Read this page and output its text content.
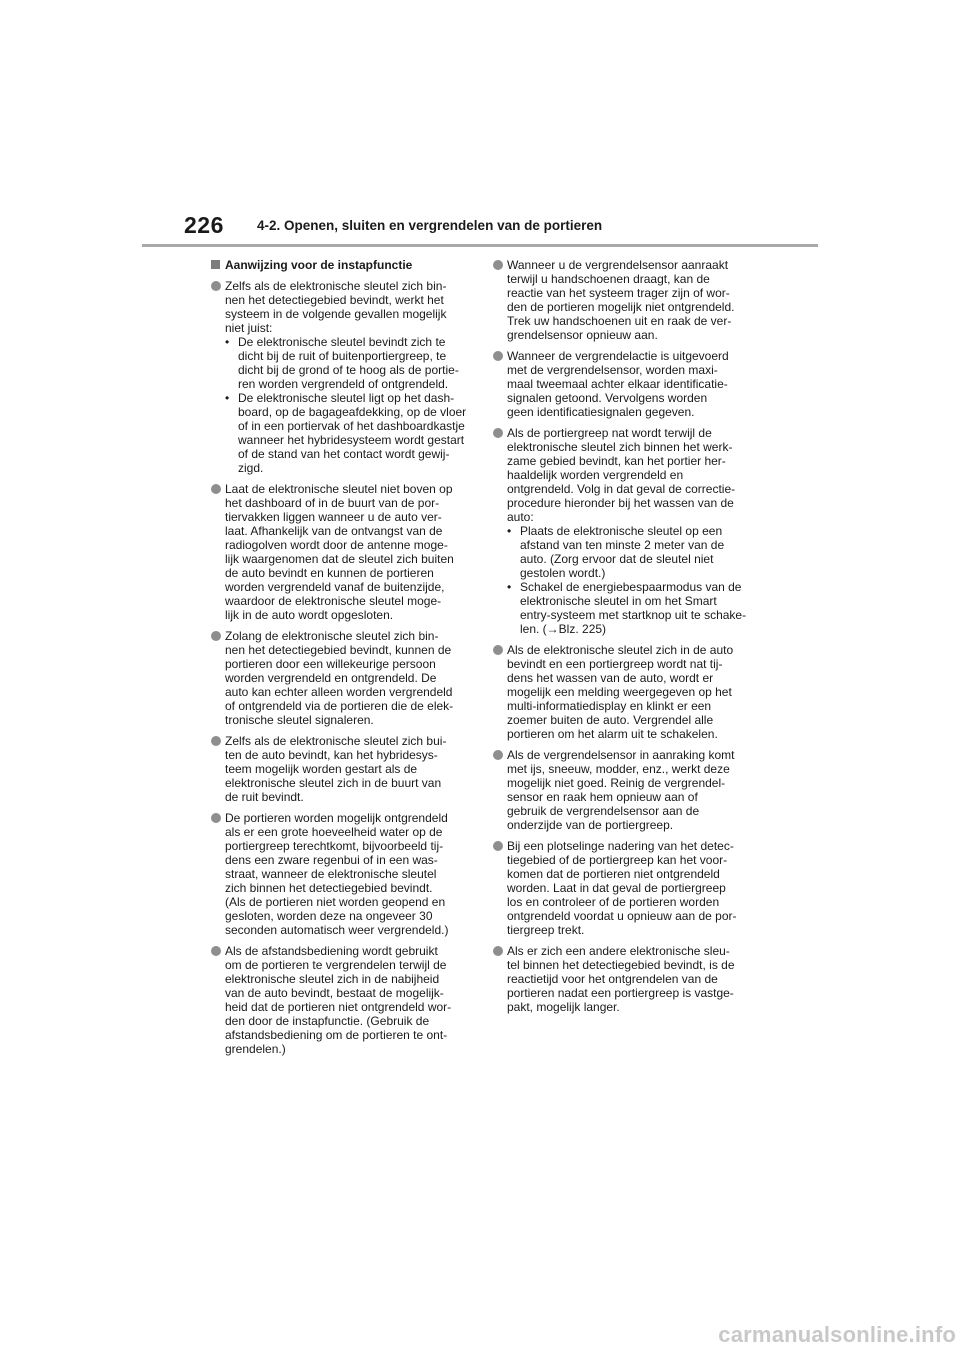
226 4-2. Openen, sluiten en vergrendelen van de portieren
Aanwijzing voor de instapfunctie
Zelfs als de elektronische sleutel zich bin-
nen het detectiegebied bevindt, werkt het
systeem in de volgende gevallen mogelijk
niet juist:
• De elektronische sleutel bevindt zich te
dicht bij de ruit of buitenportiergreep, te
dicht bij de grond of te hoog als de portie-
ren worden vergrendeld of ontgrendeld.
• De elektronische sleutel ligt op het dash-
board, op de bagageafdekking, op de vloer
of in een portiervak of het dashboardkastje
wanneer het hybridesysteem wordt gestart
of de stand van het contact wordt gewij-
zigd.
Laat de elektronische sleutel niet boven op
het dashboard of in de buurt van de por-
tiervakken liggen wanneer u de auto ver-
laat. Afhankelijk van de ontvangst van de
radiogolven wordt door de antenne moge-
lijk waargenomen dat de sleutel zich buiten
de auto bevindt en kunnen de portieren
worden vergrendeld vanaf de buitenzijde,
waardoor de elektronische sleutel moge-
lijk in de auto wordt opgesloten.
Zolang de elektronische sleutel zich bin-
nen het detectiegebied bevindt, kunnen de
portieren door een willekeurige persoon
worden vergrendeld en ontgrendeld. De
auto kan echter alleen worden vergrendeld
of ontgrendeld via de portieren die de elek-
tronische sleutel signaleren.
Zelfs als de elektronische sleutel zich bui-
ten de auto bevindt, kan het hybridesys-
teem mogelijk worden gestart als de
elektronische sleutel zich in de buurt van
de ruit bevindt.
De portieren worden mogelijk ontgrendeld
als er een grote hoeveelheid water op de
portiergreep terechtkomt, bijvoorbeeld tij-
dens een zware regenbui of in een was-
straat, wanneer de elektronische sleutel
zich binnen het detectiegebied bevindt.
(Als de portieren niet worden geopend en
gesloten, worden deze na ongeveer 30
seconden automatisch weer vergrendeld.)
Als de afstandsbediening wordt gebruikt
om de portieren te vergrendelen terwijl de
elektronische sleutel zich in de nabijheid
van de auto bevindt, bestaat de mogelijk-
heid dat de portieren niet ontgrendeld wor-
den door de instapfunctie. (Gebruik de
afstandsbediening om de portieren te ont-
grendelen.)
Wanneer u de vergrendelsensor aanraakt
terwijl u handschoenen draagt, kan de
reactie van het systeem trager zijn of wor-
den de portieren mogelijk niet ontgrendeld.
Trek uw handschoenen uit en raak de ver-
grendelsensor opnieuw aan.
Wanneer de vergrendelactie is uitgevoerd
met de vergrendelsensor, worden maxi-
maal tweemaal achter elkaar identificatie-
signalen getoond. Vervolgens worden
geen identificatiesignalen gegeven.
Als de portiergreep nat wordt terwijl de
elektronische sleutel zich binnen het werk-
zame gebied bevindt, kan het portier her-
haaldelijk worden vergrendeld en
ontgrendeld. Volg in dat geval de correctie-
procedure hieronder bij het wassen van de
auto:
• Plaats de elektronische sleutel op een
afstand van ten minste 2 meter van de
auto. (Zorg ervoor dat de sleutel niet
gestolen wordt.)
• Schakel de energiebespaarmodus van de
elektronische sleutel in om het Smart
entry-systeem met startknop uit te schake-
len. (→Blz. 225)
Als de elektronische sleutel zich in de auto
bevindt en een portiergreep wordt nat tij-
dens het wassen van de auto, wordt er
mogelijk een melding weergegeven op het
multi-informatiedisplay en klinkt er een
zoemer buiten de auto. Vergrendel alle
portieren om het alarm uit te schakelen.
Als de vergrendelsensor in aanraking komt
met ijs, sneeuw, modder, enz., werkt deze
mogelijk niet goed. Reinig de vergrendel-
sensor en raak hem opnieuw aan of
gebruik de vergrendelsensor aan de
onderzijde van de portiergreep.
Bij een plotselinge nadering van het detec-
tiegebied of de portiergreep kan het voor-
komen dat de portieren niet ontgrendeld
worden. Laat in dat geval de portiergreep
los en controleer of de portieren worden
ontgrendeld voordat u opnieuw aan de por-
tiergreep trekt.
Als er zich een andere elektronische sleu-
tel binnen het detectiegebied bevindt, is de
reactietijd voor het ontgrendelen van de
portieren nadat een portiergreep is vastge-
pakt, mogelijk langer.
carmanualsonline.info
